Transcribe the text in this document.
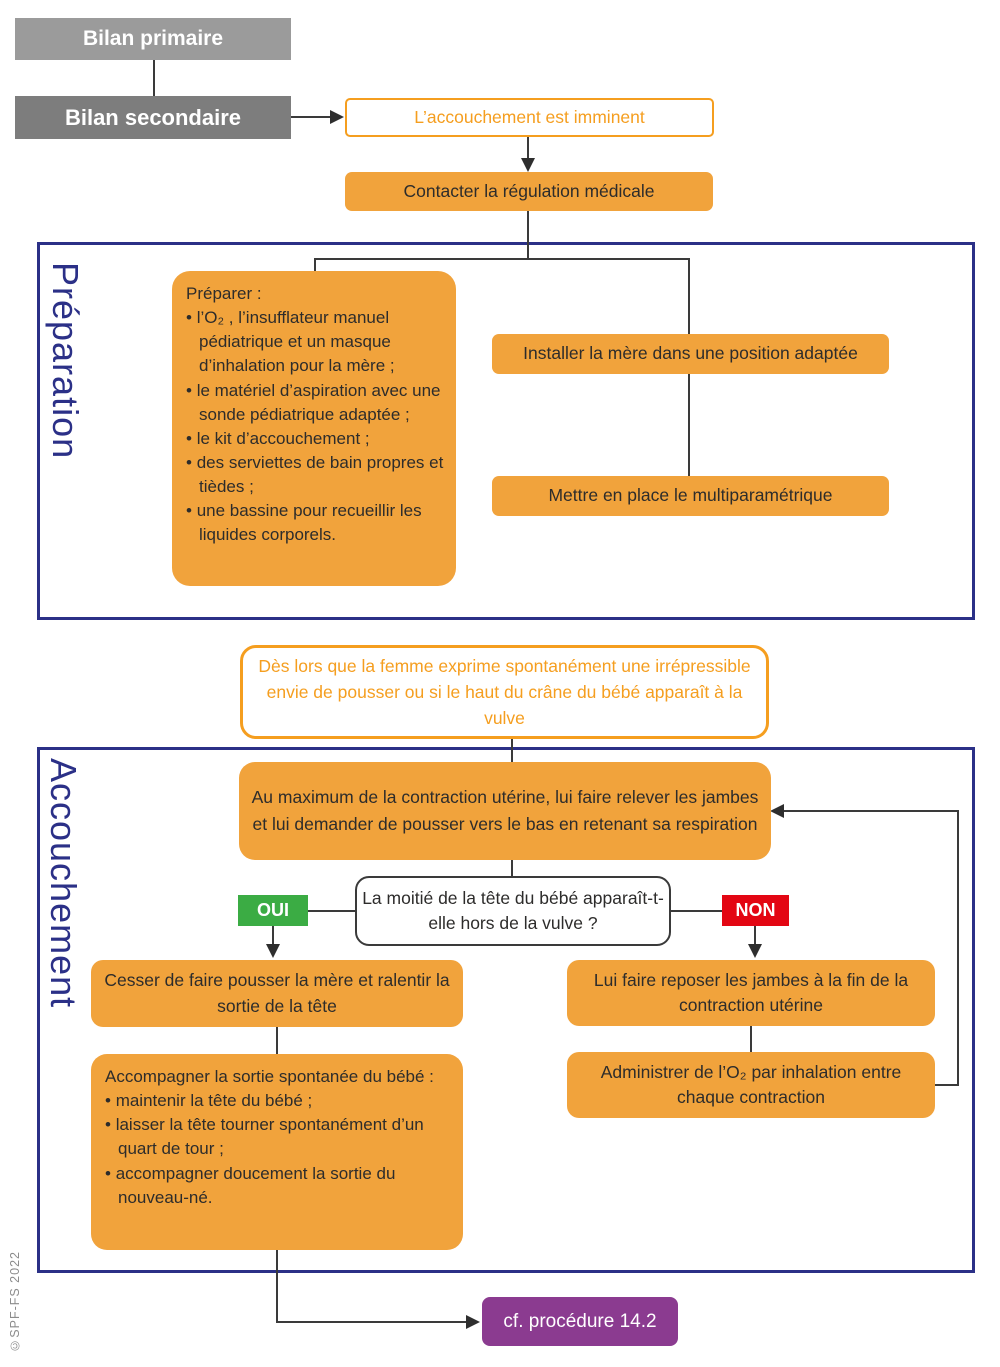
Préparation
Accouchement
Bilan primaire
Bilan secondaire	L’accouchement est imminent
Contacter la régulation médicale
Préparer :
• l’O₂ , l’insufflateur manuel pédiatrique et un masque d’inhalation pour la mère ;
• le matériel d’aspiration avec une sonde pédiatrique adaptée ;
• le kit d’accouchement ;
• des serviettes de bain propres et tièdes ;
• une bassine pour recueillir les liquides corporels.
Installer la mère dans une position adaptée
Mettre en place le multiparamétrique
Dès lors que la femme exprime spontanément une irrépressible envie de pousser ou si le haut du crâne du bébé apparaît à la vulve
Au maximum de la contraction utérine, lui faire relever les jambes et lui demander de pousser vers le bas en retenant sa respiration
La moitié de la tête du bébé apparaît-t-elle hors de la vulve ?
OUI	NON
Cesser de faire pousser la mère et ralentir la sortie de la tête
Accompagner la sortie spontanée du bébé :
• maintenir la tête du bébé ;
• laisser la tête tourner spontanément d’un quart de tour ;
• accompagner doucement la sortie du nouveau-né.
Lui faire reposer les jambes à la fin de la contraction utérine
Administrer de l’O₂ par inhalation entre chaque contraction
cf. procédure 14.2
©SPF-FS 2022
